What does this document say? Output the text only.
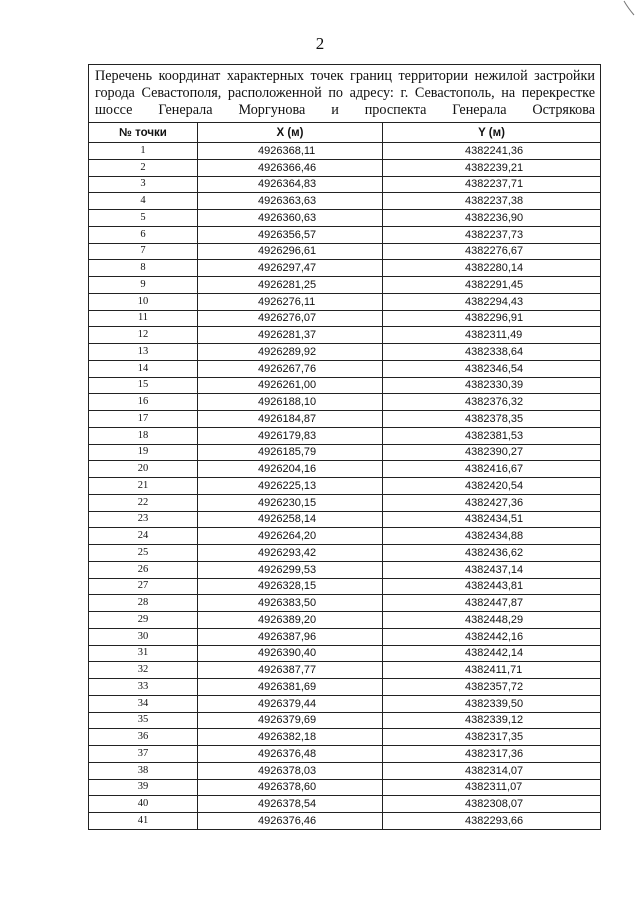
2
Перечень координат характерных точек границ территории нежилой застройки города Севастополя, расположенной по адресу: г. Севастополь, на перекрестке шоссе Генерала Моргунова и проспекта Генерала Острякова		
№ точки	X (м)	Y (м)
1	4926368,11	4382241,36
2	4926366,46	4382239,21
3	4926364,83	4382237,71
4	4926363,63	4382237,38
5	4926360,63	4382236,90
6	4926356,57	4382237,73
7	4926296,61	4382276,67
8	4926297,47	4382280,14
9	4926281,25	4382291,45
10	4926276,11	4382294,43
11	4926276,07	4382296,91
12	4926281,37	4382311,49
13	4926289,92	4382338,64
14	4926267,76	4382346,54
15	4926261,00	4382330,39
16	4926188,10	4382376,32
17	4926184,87	4382378,35
18	4926179,83	4382381,53
19	4926185,79	4382390,27
20	4926204,16	4382416,67
21	4926225,13	4382420,54
22	4926230,15	4382427,36
23	4926258,14	4382434,51
24	4926264,20	4382434,88
25	4926293,42	4382436,62
26	4926299,53	4382437,14
27	4926328,15	4382443,81
28	4926383,50	4382447,87
29	4926389,20	4382448,29
30	4926387,96	4382442,16
31	4926390,40	4382442,14
32	4926387,77	4382411,71
33	4926381,69	4382357,72
34	4926379,44	4382339,50
35	4926379,69	4382339,12
36	4926382,18	4382317,35
37	4926376,48	4382317,36
38	4926378,03	4382314,07
39	4926378,60	4382311,07
40	4926378,54	4382308,07
41	4926376,46	4382293,66
